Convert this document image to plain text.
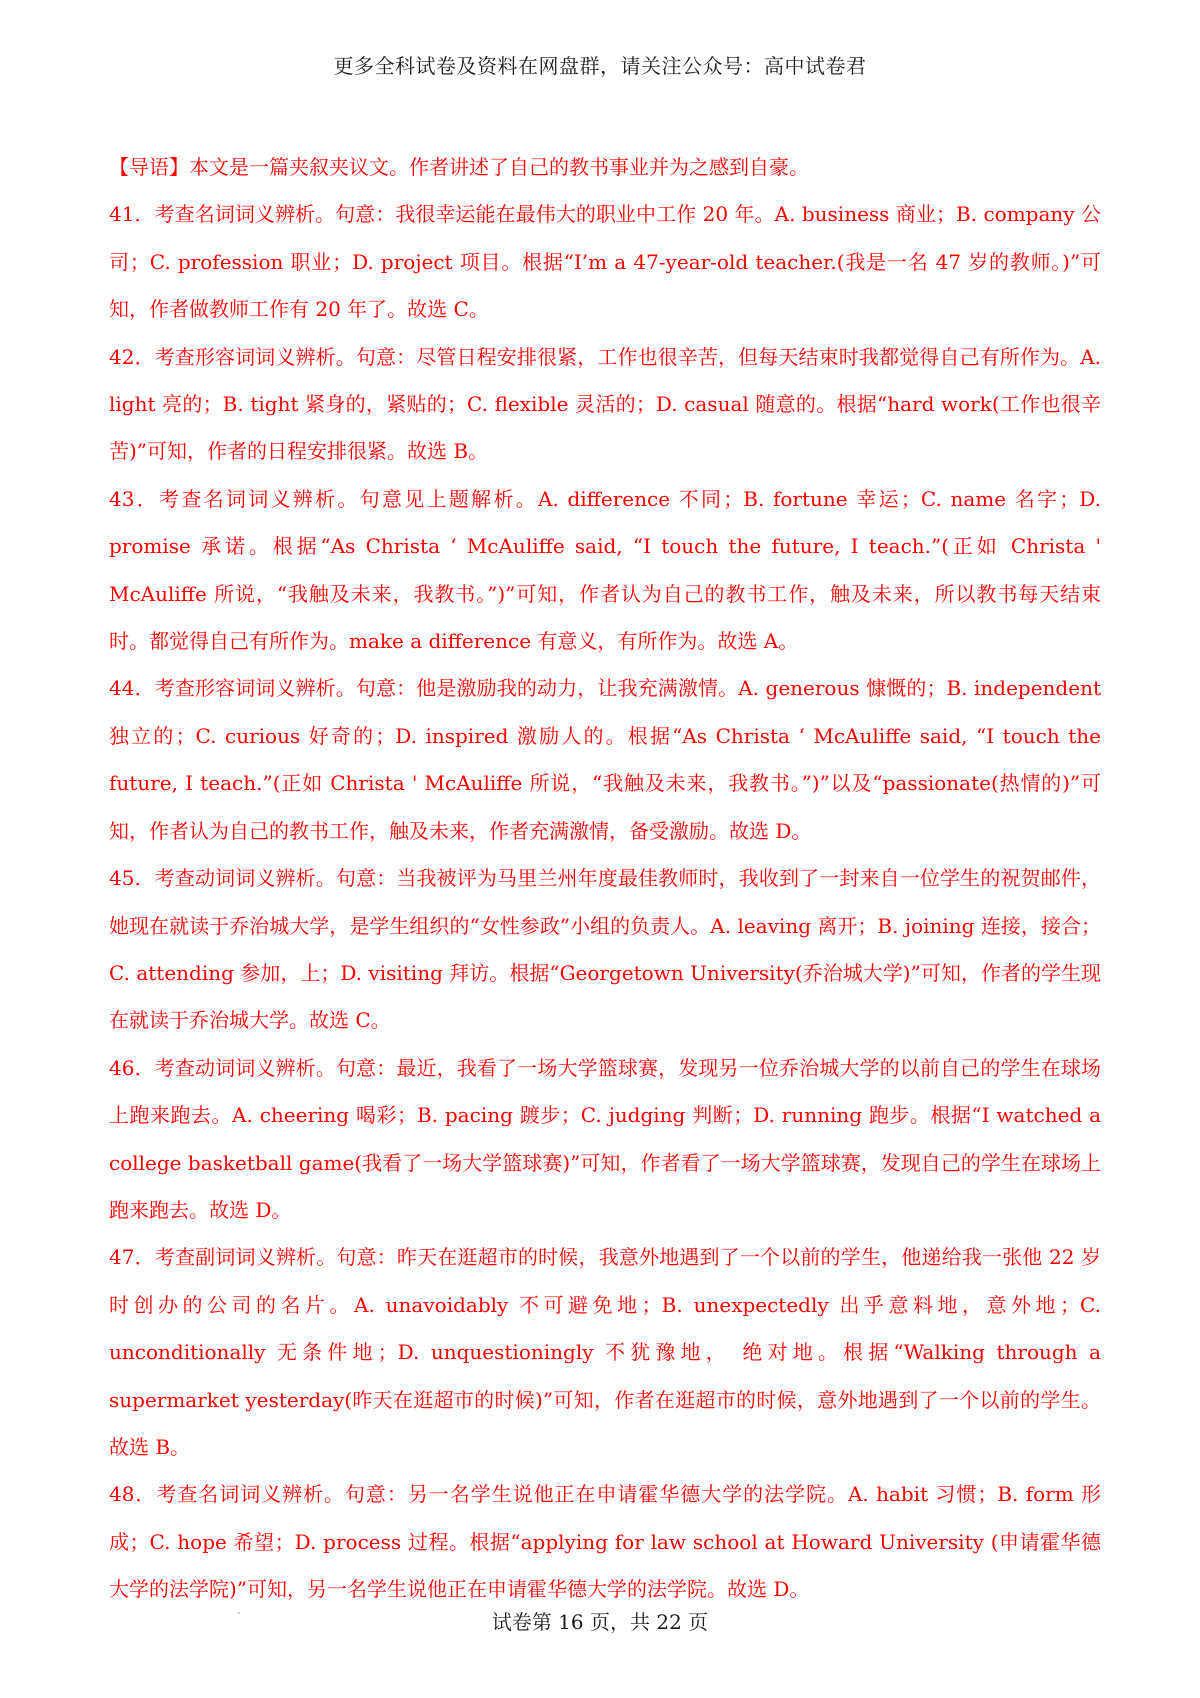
更多全科试卷及资料在网盘群，请关注公众号：高中试卷君

【导语】本文是一篇夹叙夹议文。作者讲述了自己的教书事业并为之感到自豪。

41．考查名词词义辨析。句意：我很幸运能在最伟大的职业中工作 20 年。A. business 商业；B. company 公司；C. profession 职业；D. project 项目。根据“I’m a 47-year-old teacher.(我是一名 47 岁的教师。)”可知，作者做教师工作有 20 年了。故选 C。

42．考查形容词词义辨析。句意：尽管日程安排很紧，工作也很辛苦，但每天结束时我都觉得自己有所作为。A. light 亮的；B. tight 紧身的，紧贴的；C. flexible 灵活的；D. casual 随意的。根据“hard work(工作也很辛苦)”可知，作者的日程安排很紧。故选 B。

43．考查名词词义辨析。句意见上题解析。A. difference 不同；B. fortune 幸运；C. name 名字；D. promise 承诺。根据“As Christa ‘ McAuliffe said, “I touch the future, I teach.”(正如 Christa ' McAuliffe 所说，“我触及未来，我教书。”)”可知，作者认为自己的教书工作，触及未来，所以教书每天结束时。都觉得自己有所作为。make a difference 有意义，有所作为。故选 A。

44．考查形容词词义辨析。句意：他是激励我的动力，让我充满激情。A. generous 慷慨的；B. independent 独立的；C. curious 好奇的；D. inspired 激励人的。根据“As Christa ‘ McAuliffe said, “I touch the future, I teach.”(正如 Christa ' McAuliffe 所说，“我触及未来，我教书。”)”以及“passionate(热情的)”可知，作者认为自己的教书工作，触及未来，作者充满激情，备受激励。故选 D。

45．考查动词词义辨析。句意：当我被评为马里兰州年度最佳教师时，我收到了一封来自一位学生的祝贺邮件，她现在就读于乔治城大学，是学生组织的“女性参政”小组的负责人。A. leaving 离开；B. joining 连接，接合；C. attending 参加，上；D. visiting 拜访。根据“Georgetown University(乔治城大学)”可知，作者的学生现在就读于乔治城大学。故选 C。

46．考查动词词义辨析。句意：最近，我看了一场大学篮球赛，发现另一位乔治城大学的以前自己的学生在球场上跑来跑去。A. cheering 喝彩；B. pacing 踱步；C. judging 判断；D. running 跑步。根据“I watched a college basketball game(我看了一场大学篮球赛)”可知，作者看了一场大学篮球赛，发现自己的学生在球场上跑来跑去。故选 D。

47．考查副词词义辨析。句意：昨天在逛超市的时候，我意外地遇到了一个以前的学生，他递给我一张他 22 岁时创办的公司的名片。A. unavoidably 不可避免地；B. unexpectedly 出乎意料地，意外地；C. unconditionally 无条件地；D. unquestioningly 不犹豫地， 绝对地。根据“Walking through a supermarket yesterday(昨天在逛超市的时候)”可知，作者在逛超市的时候，意外地遇到了一个以前的学生。故选 B。

48．考查名词词义辨析。句意：另一名学生说他正在申请霍华德大学的法学院。A. habit 习惯；B. form 形成；C. hope 希望；D. process 过程。根据“applying for law school at Howard University (申请霍华德大学的法学院)”可知，另一名学生说他正在申请霍华德大学的法学院。故选 D。

试卷第 16 页，共 22 页
